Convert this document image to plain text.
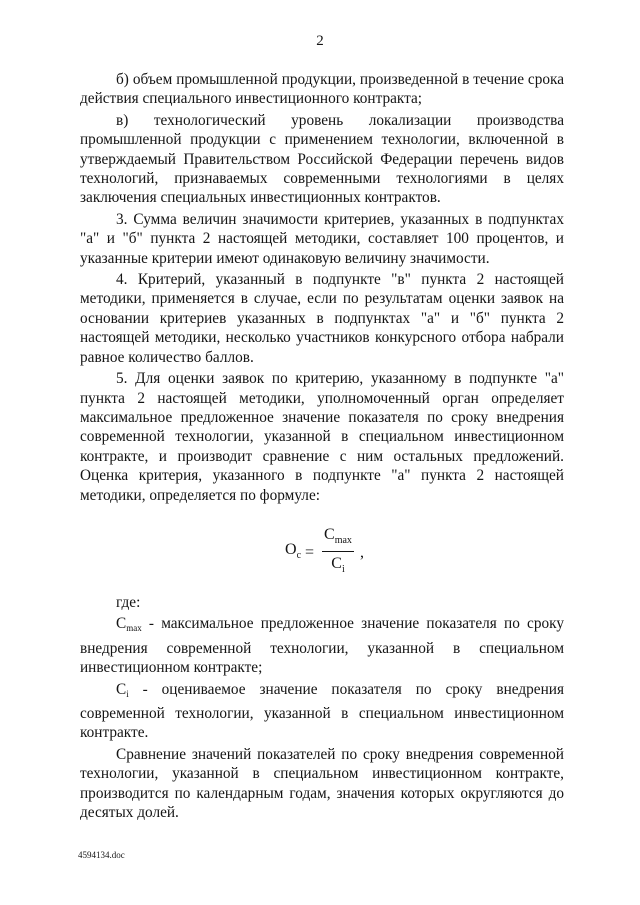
2

б) объем промышленной продукции, произведенной в течение срока действия специального инвестиционного контракта;

в) технологический уровень локализации производства промышленной продукции с применением технологии, включенной в утверждаемый Правительством Российской Федерации перечень видов технологий, признаваемых современными технологиями в целях заключения специальных инвестиционных контрактов.

3. Сумма величин значимости критериев, указанных в подпунктах "а" и "б" пункта 2 настоящей методики, составляет 100 процентов, и указанные критерии имеют одинаковую величину значимости.

4. Критерий, указанный в подпункте "в" пункта 2 настоящей методики, применяется в случае, если по результатам оценки заявок на основании критериев указанных в подпунктах "а" и "б" пункта 2 настоящей методики, несколько участников конкурсного отбора набрали равное количество баллов.

5. Для оценки заявок по критерию, указанному в подпункте "а" пункта 2 настоящей методики, уполномоченный орган определяет максимальное предложенное значение показателя по сроку внедрения современной технологии, указанной в специальном инвестиционном контракте, и производит сравнение с ним остальных предложений. Оценка критерия, указанного в подпункте "а" пункта 2 настоящей методики, определяется по формуле:

$O_c = \frac{C_{max}}{C_i}$ ,

где:

Cmax - максимальное предложенное значение показателя по сроку внедрения современной технологии, указанной в специальном инвестиционном контракте;

Ci - оцениваемое значение показателя по сроку внедрения современной технологии, указанной в специальном инвестиционном контракте.

Сравнение значений показателей по сроку внедрения современной технологии, указанной в специальном инвестиционном контракте, производится по календарным годам, значения которых округляются до десятых долей.

4594134.doc
